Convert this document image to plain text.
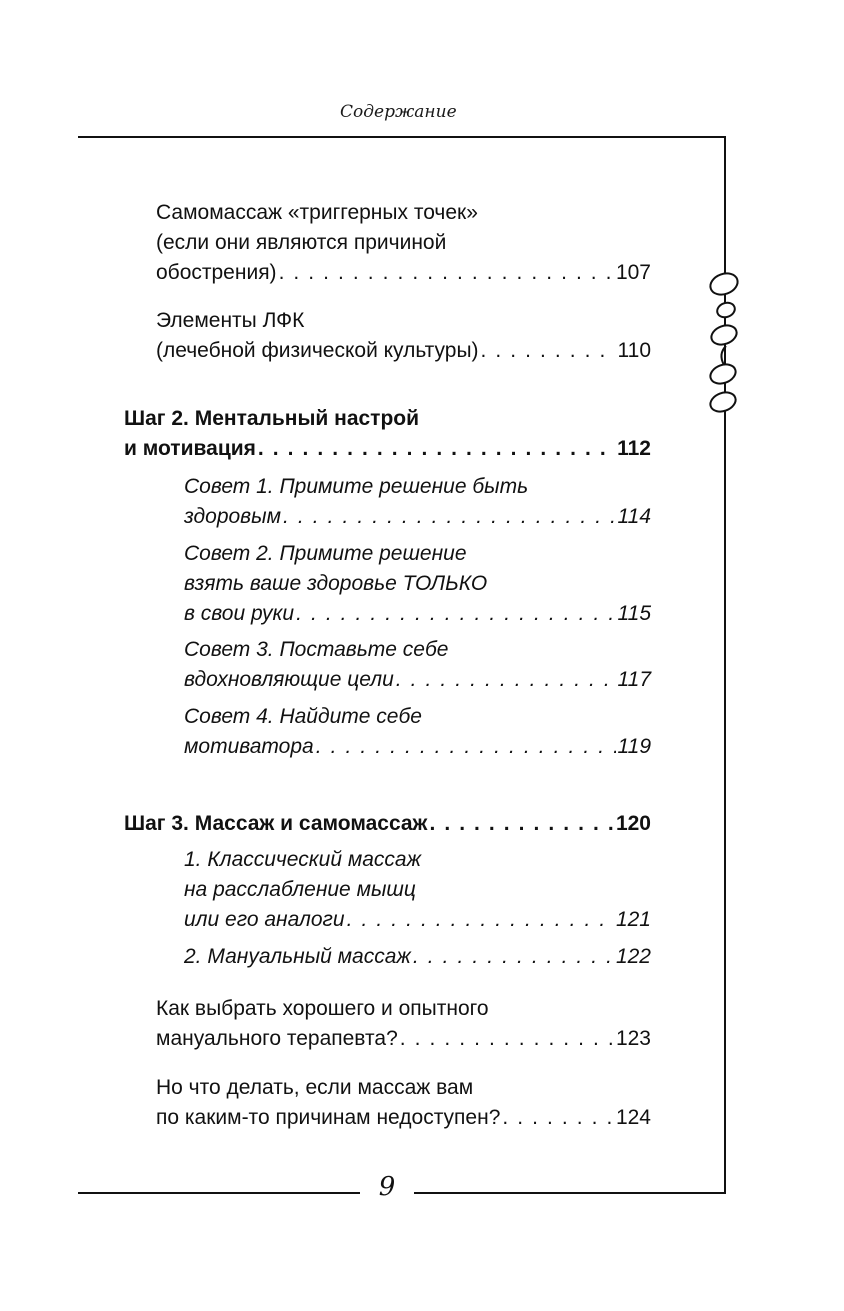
Содержание
Самомассаж «триггерных точек»
(если они являются причиной
обострения) . . .	107
Элементы ЛФК
(лечебной физической культуры) . . .	110
Шаг 2. Ментальный настрой
и мотивация . . .	112
Совет 1. Примите решение быть
здоровым . . .	114
Совет 2. Примите решение
взять ваше здоровье ТОЛЬКО
в свои руки . . .	115
Совет 3. Поставьте себе
вдохновляющие цели . . .	117
Совет 4. Найдите себе
мотиватора . . .	119
Шаг 3. Массаж и самомассаж . . .	120
1. Классический массаж
на расслабление мышц
или его аналоги . . .	121
2. Мануальный массаж . . .	122
Как выбрать хорошего и опытного
мануального терапевта? . . .	123
Но что делать, если массаж вам
по каким-то причинам недоступен? . . .	124
9
